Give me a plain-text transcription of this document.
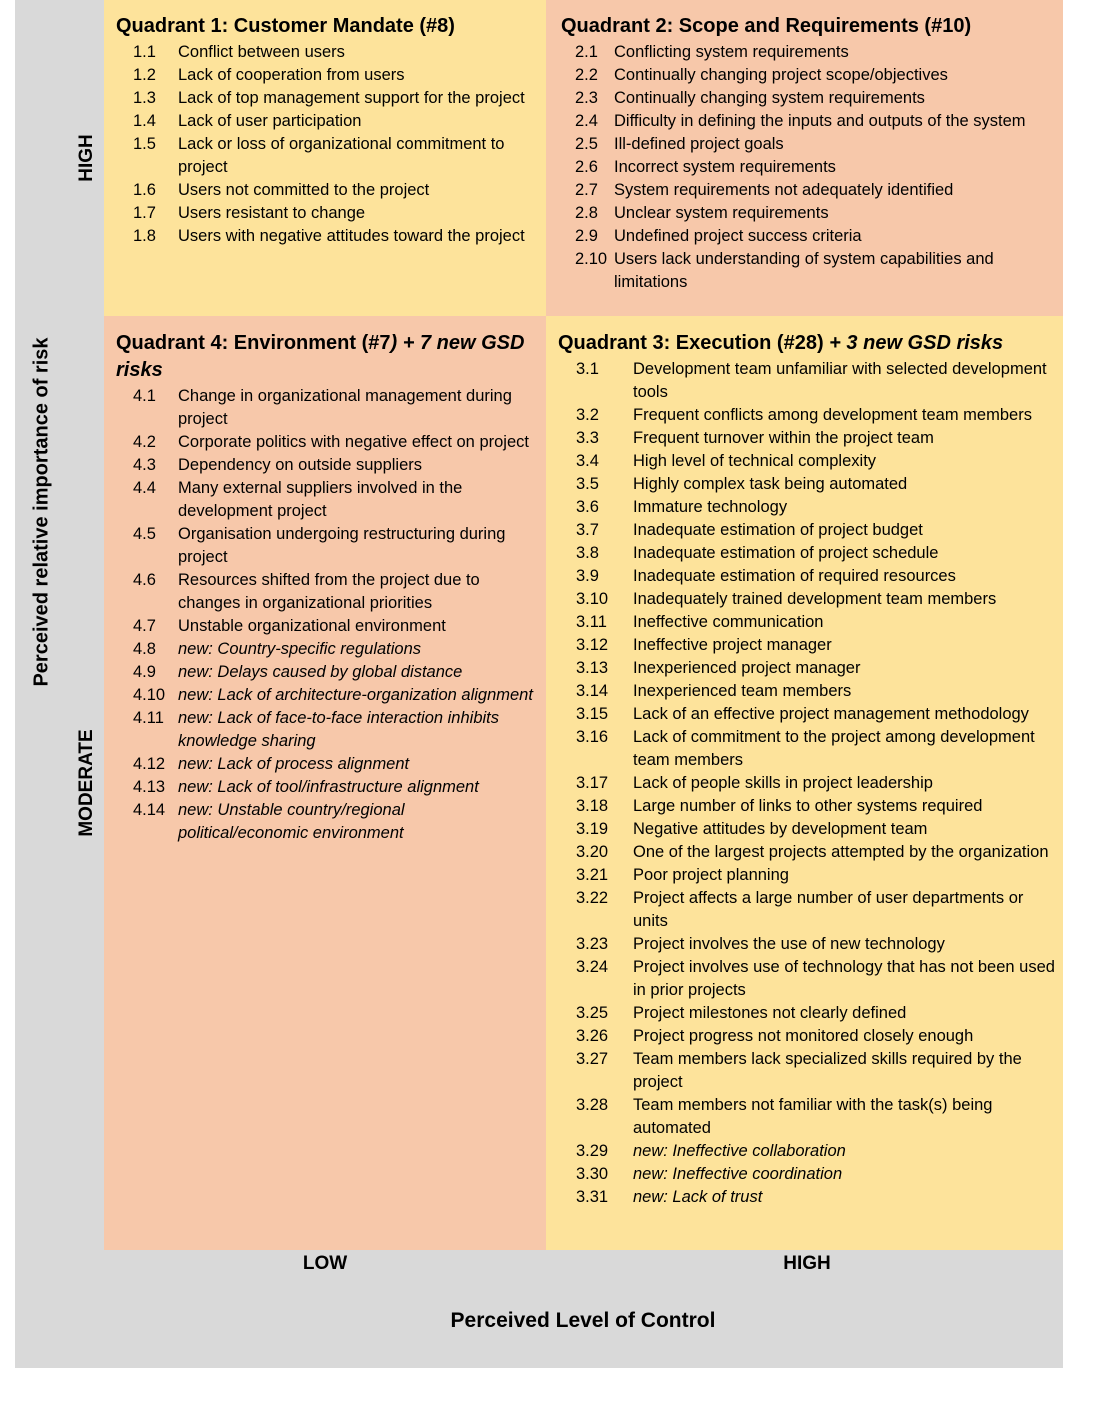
Perceived relative importance of risk
HIGH
MODERATE
Quadrant 1: Customer Mandate (#8)
1.1	Conflict between users
1.2	Lack of cooperation from users
1.3	Lack of top management support for the project
1.4	Lack of user participation
1.5	Lack or loss of organizational commitment to project
1.6	Users not committed to the project
1.7	Users resistant to change
1.8	Users with negative attitudes toward the project
Quadrant 2: Scope and Requirements (#10)
2.1 Conflicting system requirements
2.2 Continually changing project scope/objectives
2.3 Continually changing system requirements
2.4 Difficulty in defining the inputs and outputs of the system
2.5 Ill-defined project goals
2.6 Incorrect system requirements
2.7 System requirements not adequately identified
2.8 Unclear system requirements
2.9 Undefined project success criteria
2.10 Users lack understanding of system capabilities and limitations
Quadrant 4: Environment (#7) + 7 new GSD risks
4.1	Change in organizational management during project
4.2	Corporate politics with negative effect on project
4.3	Dependency on outside suppliers
4.4	Many external suppliers involved in the development project
4.5	Organisation undergoing restructuring during project
4.6	Resources shifted from the project due to changes in organizational priorities
4.7	Unstable organizational environment
4.8	new: Country-specific regulations
4.9	new: Delays caused by global distance
4.10 new: Lack of architecture-organization alignment
4.11 new: Lack of face-to-face interaction inhibits knowledge sharing
4.12 new: Lack of process alignment
4.13 new: Lack of tool/infrastructure alignment
4.14 new: Unstable country/regional political/economic environment
Quadrant 3: Execution (#28) + 3 new GSD risks
3.1	Development team unfamiliar with selected development tools
3.2	Frequent conflicts among development team members
3.3	Frequent turnover within the project team
3.4	High level of technical complexity
3.5	Highly complex task being automated
3.6	Immature technology
3.7	Inadequate estimation of project budget
3.8	Inadequate estimation of project schedule
3.9	Inadequate estimation of required resources
3.10	Inadequately trained development team members
3.11	Ineffective communication
3.12	Ineffective project manager
3.13	Inexperienced project manager
3.14	Inexperienced team members
3.15	Lack of an effective project management methodology
3.16	Lack of commitment to the project among development team members
3.17	Lack of people skills in project leadership
3.18	Large number of links to other systems required
3.19	Negative attitudes by development team
3.20	One of the largest projects attempted by the organization
3.21	Poor project planning
3.22	Project affects a large number of user departments or units
3.23	Project involves the use of new technology
3.24	Project involves use of technology that has not been used in prior projects
3.25	Project milestones not clearly defined
3.26	Project progress not monitored closely enough
3.27	Team members lack specialized skills required by the project
3.28	Team members not familiar with the task(s) being automated
3.29	new: Ineffective collaboration
3.30	new: Ineffective coordination
3.31	new: Lack of trust
LOW	HIGH
Perceived Level of Control
